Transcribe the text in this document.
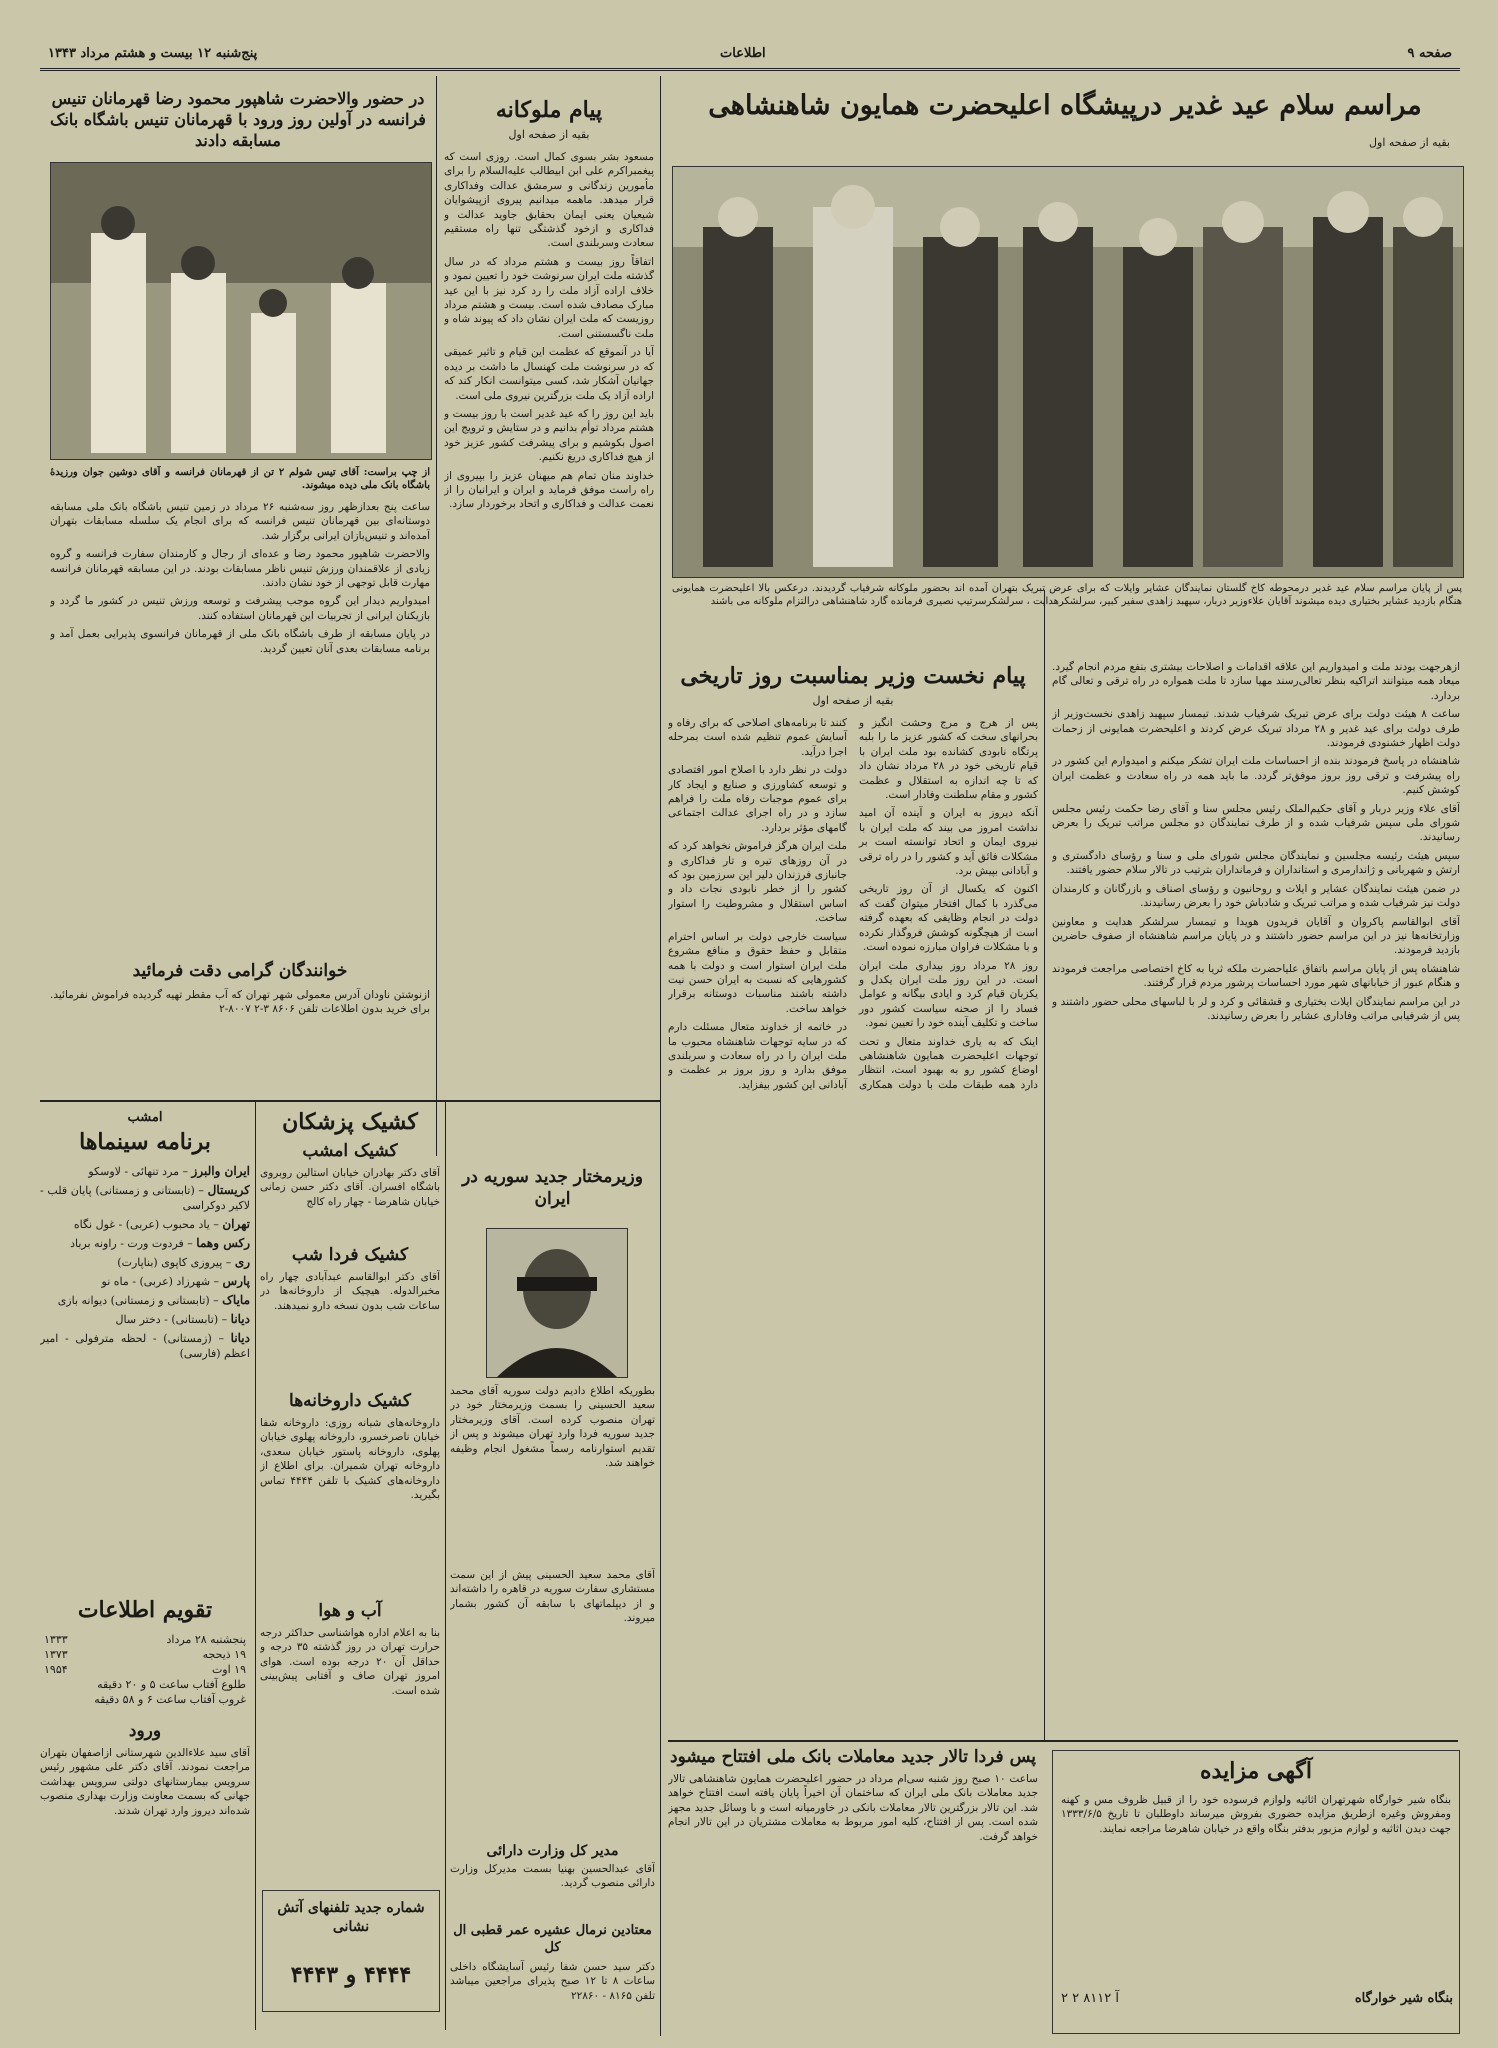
پنج‌شنبه ۱۲ بیست و هشتم مرداد ۱۳۴۳	اطلاعات	صفحه ۹
مراسم سلام عید غدیر درپیشگاه اعلیحضرت همایون شاهنشاهی
بقیه از صفحه اول
پس از پایان مراسم سلام عید غدیر درمحوطه کاخ گلستان نمایندگان عشایر وایلات که برای عرض تبریک بتهران آمده اند بحضور ملوکانه شرفیاب گردیدند. درعکس بالا اعلیحضرت همایونی هنگام بازدید عشایر بختیاری دیده میشوند آقایان علاءوزیر دربار، سپهبد زاهدی سفیر کبیر، سرلشکرهدایت ، سرلشکرسرتیپ نصیری فرمانده گارد شاهنشاهی درالتزام ملوکانه می باشند

ازهرجهت بودند ملت و امیدواریم این علاقه اقدامات و اصلاحات بیشتری بنفع مردم انجام گیرد. میعاد همه میتوانند اتراکیه بنظر تعالی‌رسند مهیا سازد تا ملت همواره در راه ترقی و تعالی گام بردارد.

ساعت ۸ هیئت دولت برای عرض تبریک شرفیاب شدند. تیمسار سپهبد زاهدی نخست‌وزیر از طرف دولت برای عید غدیر و ۲۸ مرداد تبریک عرض کردند و اعلیحضرت همایونی از زحمات دولت اظهار خشنودی فرمودند.

شاهنشاه در پاسخ فرمودند بنده از احساسات ملت ایران تشکر میکنم و امیدوارم این کشور در راه پیشرفت و ترقی روز بروز موفق‌تر گردد. ما باید همه در راه سعادت و عظمت ایران کوشش کنیم.

آقای علاء وزیر دربار و آقای حکیم‌الملک رئیس مجلس سنا و آقای رضا حکمت رئیس مجلس شورای ملی سپس شرفیاب شده و از طرف نمایندگان دو مجلس مراتب تبریک را بعرض رسانیدند.

سپس هیئت رئیسه مجلسین و نمایندگان مجلس شورای ملی و سنا و رؤسای دادگستری و ارتش و شهربانی و ژاندارمری و استانداران و فرمانداران بترتیب در تالار سلام حضور یافتند.

در ضمن هیئت نمایندگان عشایر و ایلات و روحانیون و رؤسای اصناف و بازرگانان و کارمندان دولت نیز شرفیاب شده و مراتب تبریک و شادباش خود را بعرض رسانیدند.

آقای ابوالقاسم پاکروان و آقایان فریدون هویدا و تیمسار سرلشکر هدایت و معاونین وزارتخانه‌ها نیز در این مراسم حضور داشتند و در پایان مراسم شاهنشاه از صفوف حاضرین بازدید فرمودند.

شاهنشاه پس از پایان مراسم باتفاق علیاحضرت ملکه ثریا به کاخ اختصاصی مراجعت فرمودند و هنگام عبور از خیابانهای شهر مورد احساسات پرشور مردم قرار گرفتند.

در این مراسم نمایندگان ایلات بختیاری و قشقائی و کرد و لر با لباسهای محلی حضور داشتند و پس از شرفیابی مراتب وفاداری عشایر را بعرض رسانیدند.

پیام نخست وزیر بمناسبت روز تاریخی
بقیه از صفحه اول

پس از هرج و مرج وحشت انگیز و بحرانهای سخت که کشور عزیز ما را بلبه پرتگاه نابودی کشانده بود ملت ایران با قیام تاریخی خود در ۲۸ مرداد نشان داد که تا چه اندازه به استقلال و عظمت کشور و مقام سلطنت وفادار است.

آنکه دیروز به ایران و آینده آن امید نداشت امروز می بیند که ملت ایران با نیروی ایمان و اتحاد توانسته است بر مشکلات فائق آید و کشور را در راه ترقی و آبادانی بپیش برد.

اکنون که یکسال از آن روز تاریخی می‌گذرد با کمال افتخار میتوان گفت که دولت در انجام وظایفی که بعهده گرفته است از هیچگونه کوشش فروگذار نکرده و با مشکلات فراوان مبارزه نموده است.

روز ۲۸ مرداد روز بیداری ملت ایران است. در این روز ملت ایران یکدل و یکزبان قیام کرد و ایادی بیگانه و عوامل فساد را از صحنه سیاست کشور دور ساخت و تکلیف آینده خود را تعیین نمود.

اینک که به یاری خداوند متعال و تحت توجهات اعلیحضرت همایون شاهنشاهی اوضاع کشور رو به بهبود است، انتظار دارد همه طبقات ملت با دولت همکاری کنند تا برنامه‌های اصلاحی که برای رفاه و آسایش عموم تنظیم شده است بمرحله اجرا درآید.

دولت در نظر دارد با اصلاح امور اقتصادی و توسعه کشاورزی و صنایع و ایجاد کار برای عموم موجبات رفاه ملت را فراهم سازد و در راه اجرای عدالت اجتماعی گامهای مؤثر بردارد.

ملت ایران هرگز فراموش نخواهد کرد که در آن روزهای تیره و تار فداکاری و جانبازی فرزندان دلیر این سرزمین بود که کشور را از خطر نابودی نجات داد و اساس استقلال و مشروطیت را استوار ساخت.

سیاست خارجی دولت بر اساس احترام متقابل و حفظ حقوق و منافع مشروع ملت ایران استوار است و دولت با همه کشورهایی که نسبت به ایران حسن نیت داشته باشند مناسبات دوستانه برقرار خواهد ساخت.

در خاتمه از خداوند متعال مسئلت دارم که در سایه توجهات شاهنشاه محبوب ما ملت ایران را در راه سعادت و سربلندی موفق بدارد و روز بروز بر عظمت و آبادانی این کشور بیفزاید.

پس فردا تالار جدید معاملات بانک ملی افتتاح میشود
ساعت ۱۰ صبح روز شنبه سی‌ام مرداد در حضور اعلیحضرت همایون شاهنشاهی تالار جدید معاملات بانک ملی ایران که ساختمان آن اخیراً پایان یافته است افتتاح خواهد شد. این تالار بزرگترین تالار معاملات بانکی در خاورمیانه است و با وسائل جدید مجهز شده است. پس از افتتاح، کلیه امور مربوط به معاملات مشتریان در این تالار انجام خواهد گرفت.
آگهی مزایده
بنگاه شیر خوارگاه شهرتهران اثاثیه ولوازم فرسوده خود را از قبیل ظروف مس و کهنه ومفروش وغیره ازطریق مزایده حضوری بفروش میرساند داوطلبان تا تاریخ ۱۳۳۳/۶/۵ جهت دیدن اثاثیه و لوازم مزبور بدفتر بنگاه واقع در خیابان شاهرضا مراجعه نمایند.
بنگاه شیر خوارگاه
آ ۸۱۱۲ ۲ ۲
پیام ملوکانه
بقیه از صفحه اول

مسعود بشر بسوی کمال است. روزی است که پیغمبراکرم علی ابن ابیطالب علیه‌السلام را برای مأمورین زندگانی و سرمشق عدالت وفداکاری قرار میدهد. ماهمه میدانیم پیروی ازپیشوایان شیعیان یعنی ایمان بحقایق جاوید عدالت و فداکاری و ازخود گذشتگی تنها راه مستقیم سعادت وسربلندی است.

اتفاقاً روز بیست و هشتم مرداد که در سال گذشته ملت ایران سرنوشت خود را تعیین نمود و خلاف اراده آزاد ملت را رد کرد نیز با این عید مبارک مصادف شده است. بیست و هشتم مرداد روزیست که ملت ایران نشان داد که پیوند شاه و ملت ناگسستنی است.

آیا در آنموقع که عظمت این قیام و تاثیر عمیقی که در سرنوشت ملت کهنسال ما داشت بر دیده جهانیان آشکار شد، کسی میتوانست انکار کند که اراده آزاد یک ملت بزرگترین نیروی ملی است.

باید این روز را که عید غدیر است با روز بیست و هشتم مرداد توأم بدانیم و در ستایش و ترویج این اصول بکوشیم و برای پیشرفت کشور عزیز خود از هیچ فداکاری دریغ نکنیم.

خداوند منان تمام هم میهنان عزیز را بپیروی از راه راست موفق فرماید و ایران و ایرانیان را از نعمت عدالت و فداکاری و اتحاد برخوردار سازد.

در حضور والاحضرت شاهپور محمود رضا قهرمانان تنیس فرانسه در آولین روز ورود با قهرمانان تنیس باشگاه بانک مسابقه دادند
از چپ براست: آقای تیس شولم ۲ تن از قهرمانان فرانسه و آقای دوشین جوان ورزیدۀ باشگاه بانک ملی دیده میشوند.

ساعت پنج بعدازظهر روز سه‌شنبه ۲۶ مرداد در زمین تنیس باشگاه بانک ملی مسابقه دوستانه‌ای بین قهرمانان تنیس فرانسه که برای انجام یک سلسله مسابقات بتهران آمده‌اند و تنیس‌بازان ایرانی برگزار شد.

والاحضرت شاهپور محمود رضا و عده‌ای از رجال و کارمندان سفارت فرانسه و گروه زیادی از علاقمندان ورزش تنیس ناظر مسابقات بودند. در این مسابقه قهرمانان فرانسه مهارت قابل توجهی از خود نشان دادند.

امیدواریم دیدار این گروه موجب پیشرفت و توسعه ورزش تنیس در کشور ما گردد و بازیکنان ایرانی از تجربیات این قهرمانان استفاده کنند.

در پایان مسابقه از طرف باشگاه بانک ملی از قهرمانان فرانسوی پذیرایی بعمل آمد و برنامه مسابقات بعدی آنان تعیین گردید.

خوانندگان گرامی دقت فرمائید
ازنوشتن ناودان آدرس معمولی شهر تهران که آب مقطر تهیه گردیده فراموش نفرمائید. برای خرید بدون اطلاعات تلفن ۸۶۰۶ ۳-۲ ۸۰۰۷-۲
امشب
برنامه سینماها

ایران والبرز – مرد تنهائی - لاوسکو

کریستال – (تابستانی و زمستانی) پایان قلب - لاکیر دوکراسی

تهران – یاد محبوب (عربی) - غول نگاه

رکس وهما – فردوت ورت - راونه برباد

ری – پیروزی کاپوی (بناپارت)

پارس – شهرزاد (عربی) - ماه نو

مایاک – (تابستانی و زمستانی) دیوانه بازی

دیانا – (تابستانی) - دختر سال

دیانا – (زمستانی) - لحظه مترفولی - امیر اعظم (فارسی)

تقویم اطلاعات
پنجشنبه ۲۸ مرداد
۱۳۳۳
۱۹ ذیحجه
۱۳۷۳
۱۹ اوت
۱۹۵۴
طلوع آفتاب ساعت ۵ و ۲۰ دقیقه
غروب آفتاب ساعت ۶ و ۵۸ دقیقه
ورود
آقای سید علاءالدین شهرستانی ازاصفهان بتهران مراجعت نمودند. آقای دکتر علی مشهور رئیس سرویس بیمارستانهای دولتی سرویس بهداشت جهانی که بسمت معاونت وزارت بهداری منصوب شده‌اند دیروز وارد تهران شدند.
کشیک پزشکان
کشیک امشب
آقای دکتر بهادران خیابان استالین روبروی باشگاه افسران. آقای دکتر حسن زمانی خیابان شاهرضا - چهار راه کالج
کشیک فردا شب
آقای دکتر ابوالقاسم عبدآبادی چهار راه مخبرالدوله. هیچیک از داروخانه‌ها در ساعات شب بدون نسخه دارو نمیدهند.
کشیک داروخانه‌ها
داروخانه‌های شبانه روزی: داروخانه شفا خیابان ناصرخسرو، داروخانه پهلوی خیابان پهلوی، داروخانه پاستور خیابان سعدی، داروخانه تهران شمیران. برای اطلاع از داروخانه‌های کشیک با تلفن ۴۴۴۴ تماس بگیرید.
آب و هوا
بنا به اعلام اداره هواشناسی حداکثر درجه حرارت تهران در روز گذشته ۳۵ درجه و حداقل آن ۲۰ درجه بوده است. هوای امروز تهران صاف و آفتابی پیش‌بینی شده است.
شماره جدید تلفنهای آتش نشانی
۴۴۴۴ و ۴۴۴۳
وزیرمختار جدید سوریه در ایران
بطوریکه اطلاع دادیم دولت سوریه آقای محمد سعید الحسینی را بسمت وزیرمختار خود در تهران منصوب کرده است. آقای وزیرمختار جدید سوریه فردا وارد تهران میشوند و پس از تقدیم استوارنامه رسماً مشغول انجام وظیفه خواهند شد.
آقای محمد سعید الحسینی پیش از این سمت مستشاری سفارت سوریه در قاهره را داشته‌اند و از دیپلماتهای با سابقه آن کشور بشمار میروند.
مدیر کل وزارت دارائی
آقای عبدالحسین بهنیا بسمت مدیرکل وزارت دارائی منصوب گردید.
معتادین نرمال عشیره عمر قطبی ال کل
دکتر سید حسن شفا رئیس آسایشگاه داخلی ساعات ۸ تا ۱۲ صبح پذیرای مراجعین میباشد تلفن ۸۱۶۵ - ۲۲۸۶۰
